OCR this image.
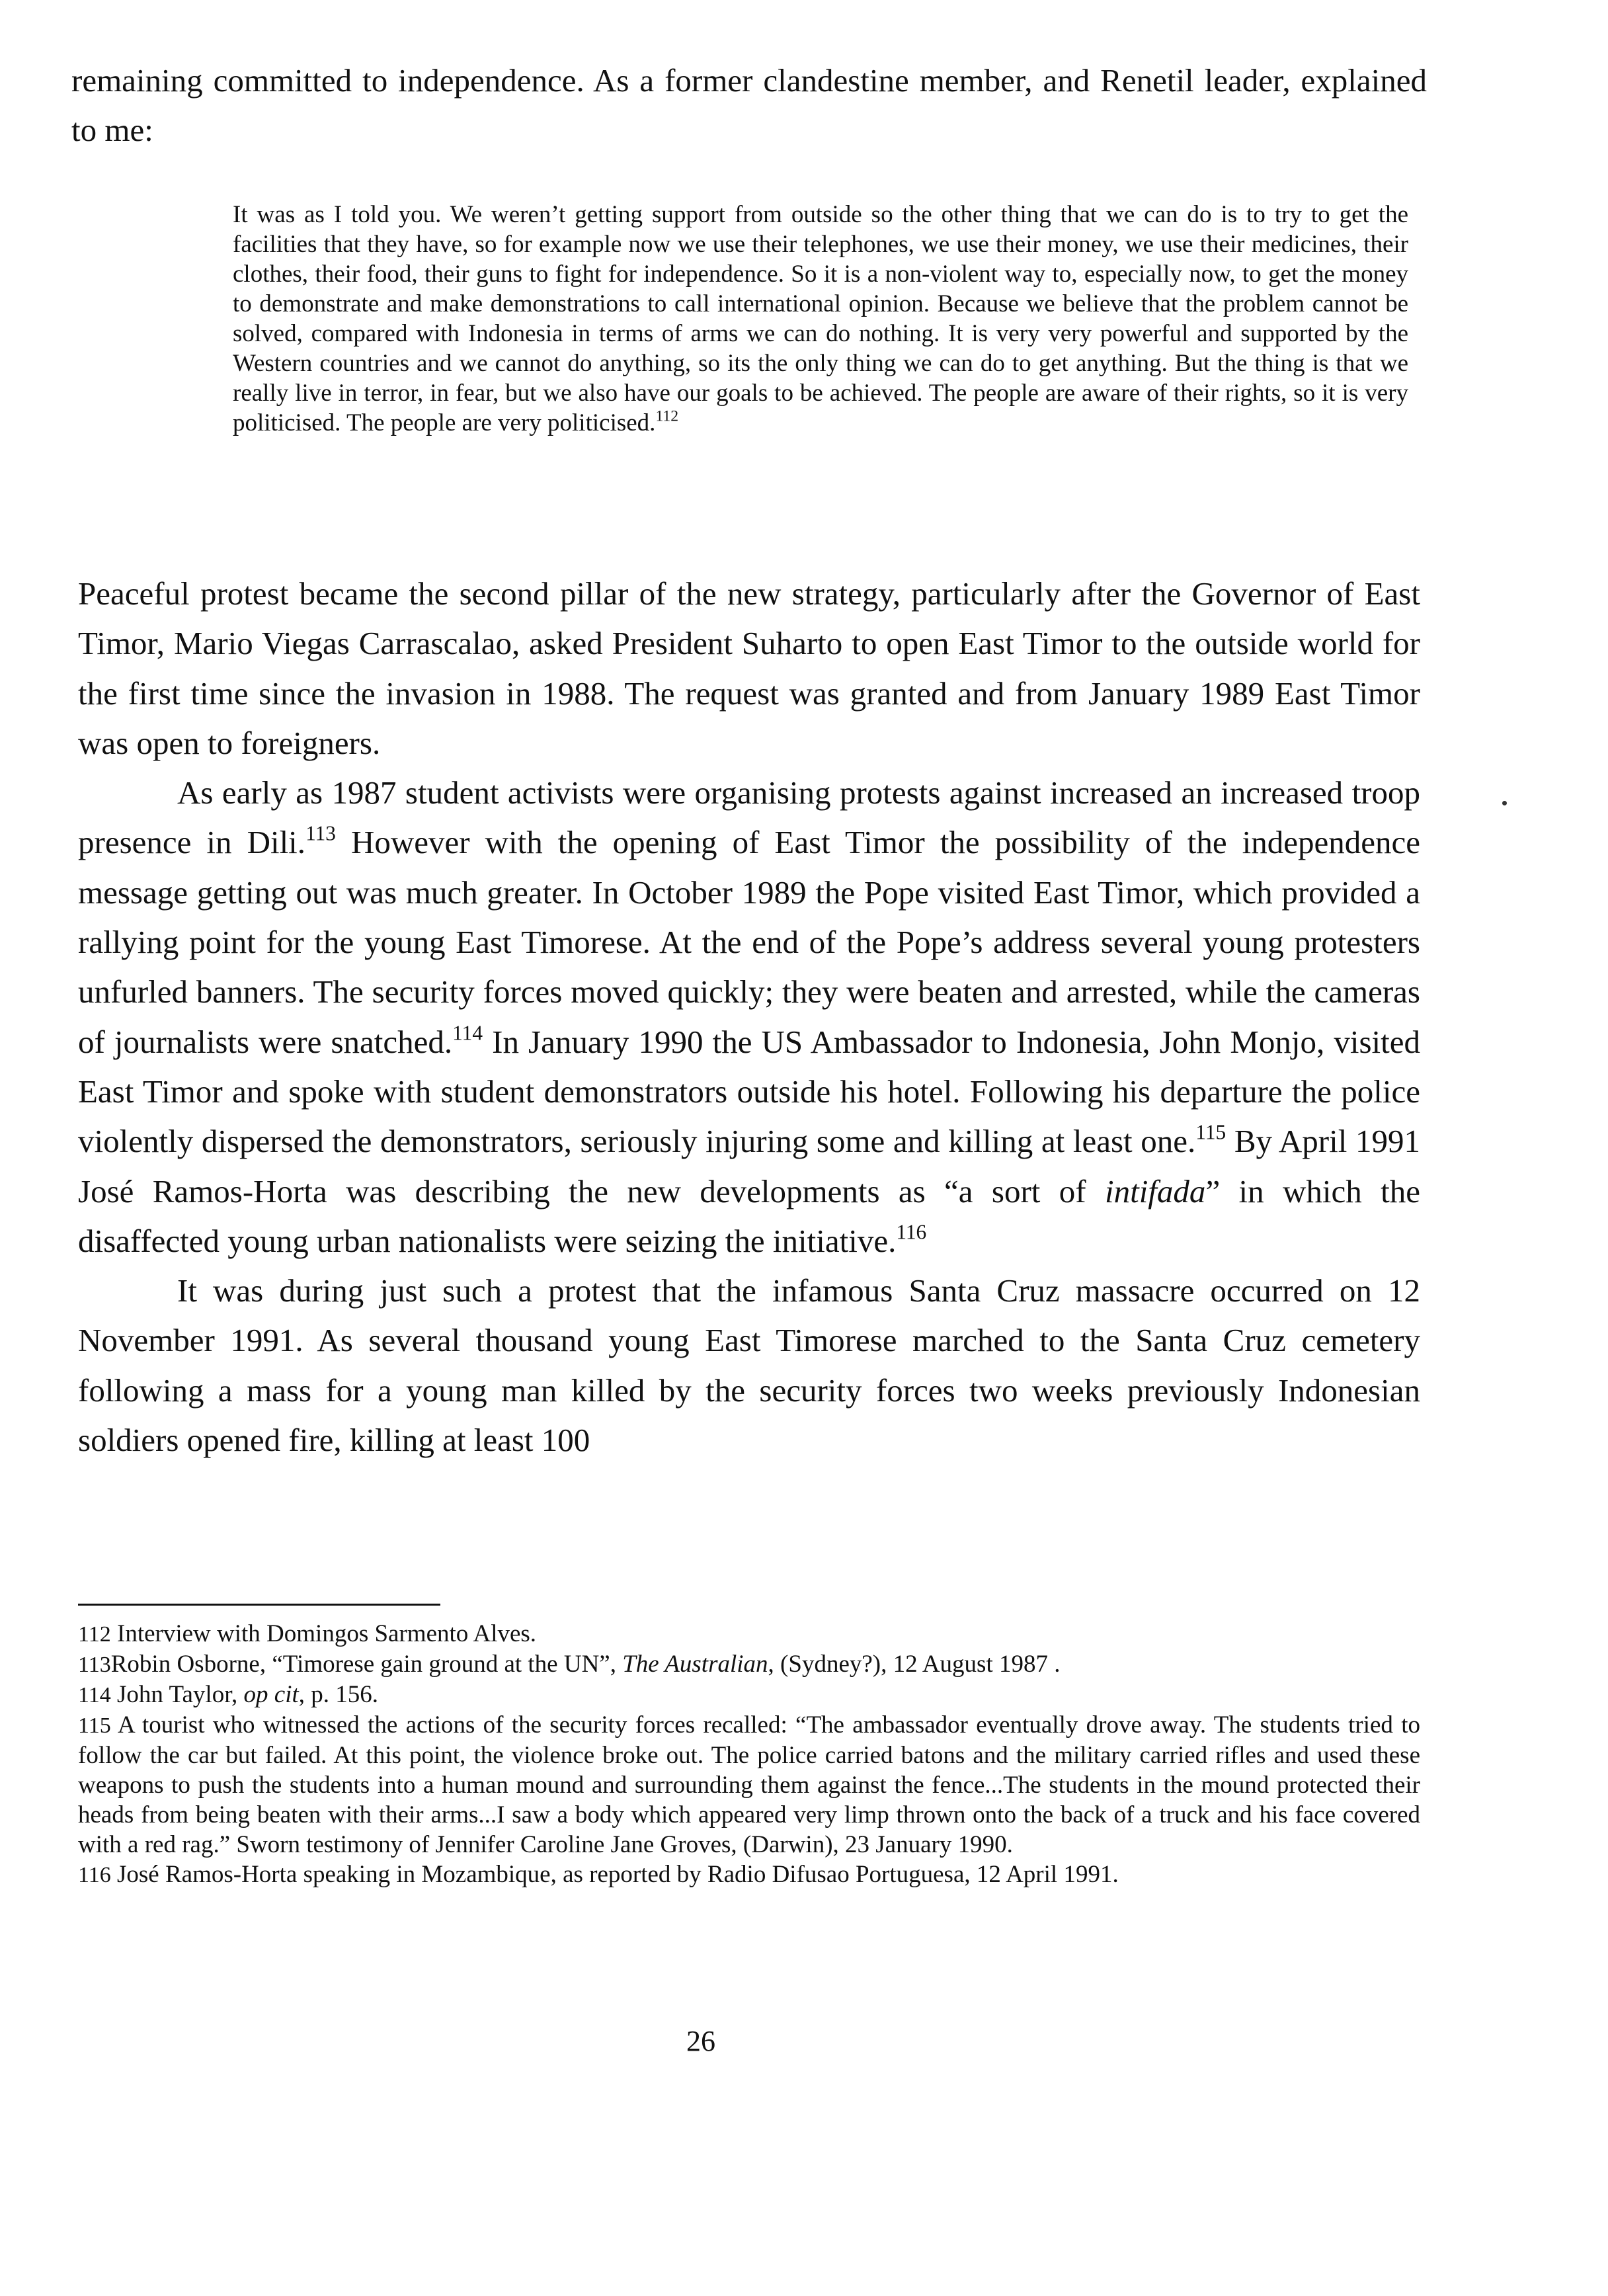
remaining committed to independence. As a former clandestine member, and Renetil leader, explained to me:

It was as I told you. We weren’t getting support from outside so the other thing that we can do is to try to get the facilities that they have, so for example now we use their telephones, we use their money, we use their medicines, their clothes, their food, their guns to fight for independence. So it is a non-violent way to, especially now, to get the money to demonstrate and make demonstrations to call international opinion. Because we believe that the problem cannot be solved, compared with Indonesia in terms of arms we can do nothing. It is very very powerful and supported by the Western countries and we cannot do anything, so its the only thing we can do to get anything. But the thing is that we really live in terror, in fear, but we also have our goals to be achieved. The people are aware of their rights, so it is very politicised. The people are very politicised.$^{112}$

Peaceful protest became the second pillar of the new strategy, particularly after the Governor of East Timor, Mario Viegas Carrascalao, asked President Suharto to open East Timor to the outside world for the first time since the invasion in 1988. The request was granted and from January 1989 East Timor was open to foreigners.

As early as 1987 student activists were organising protests against increased an increased troop presence in Dili.$^{113}$ However with the opening of East Timor the possibility of the independence message getting out was much greater. In October 1989 the Pope visited East Timor, which provided a rallying point for the young East Timorese. At the end of the Pope’s address several young protesters unfurled banners. The security forces moved quickly; they were beaten and arrested, while the cameras of journalists were snatched.$^{114}$ In January 1990 the US Ambassador to Indonesia, John Monjo, visited East Timor and spoke with student demonstrators outside his hotel. Following his departure the police violently dispersed the demonstrators, seriously injuring some and killing at least one.$^{115}$ By April 1991 José Ramos-Horta was describing the new developments as “a sort of intifada” in which the disaffected young urban nationalists were seizing the initiative.$^{116}$

It was during just such a protest that the infamous Santa Cruz massacre occurred on 12 November 1991. As several thousand young East Timorese marched to the Santa Cruz cemetery following a mass for a young man killed by the security forces two weeks previously Indonesian soldiers opened fire, killing at least 100

112 Interview with Domingos Sarmento Alves.

113Robin Osborne, “Timorese gain ground at the UN”, The Australian, (Sydney?), 12 August 1987 .

114 John Taylor, op cit, p. 156.

115 A tourist who witnessed the actions of the security forces recalled: “The ambassador eventually drove away. The students tried to follow the car but failed. At this point, the violence broke out. The police carried batons and the military carried rifles and used these weapons to push the students into a human mound and surrounding them against the fence...The students in the mound protected their heads from being beaten with their arms...I saw a body which appeared very limp thrown onto the back of a truck and his face covered with a red rag.” Sworn testimony of Jennifer Caroline Jane Groves, (Darwin), 23 January 1990.

116 José Ramos-Horta speaking in Mozambique, as reported by Radio Difusao Portuguesa, 12 April 1991.

26
